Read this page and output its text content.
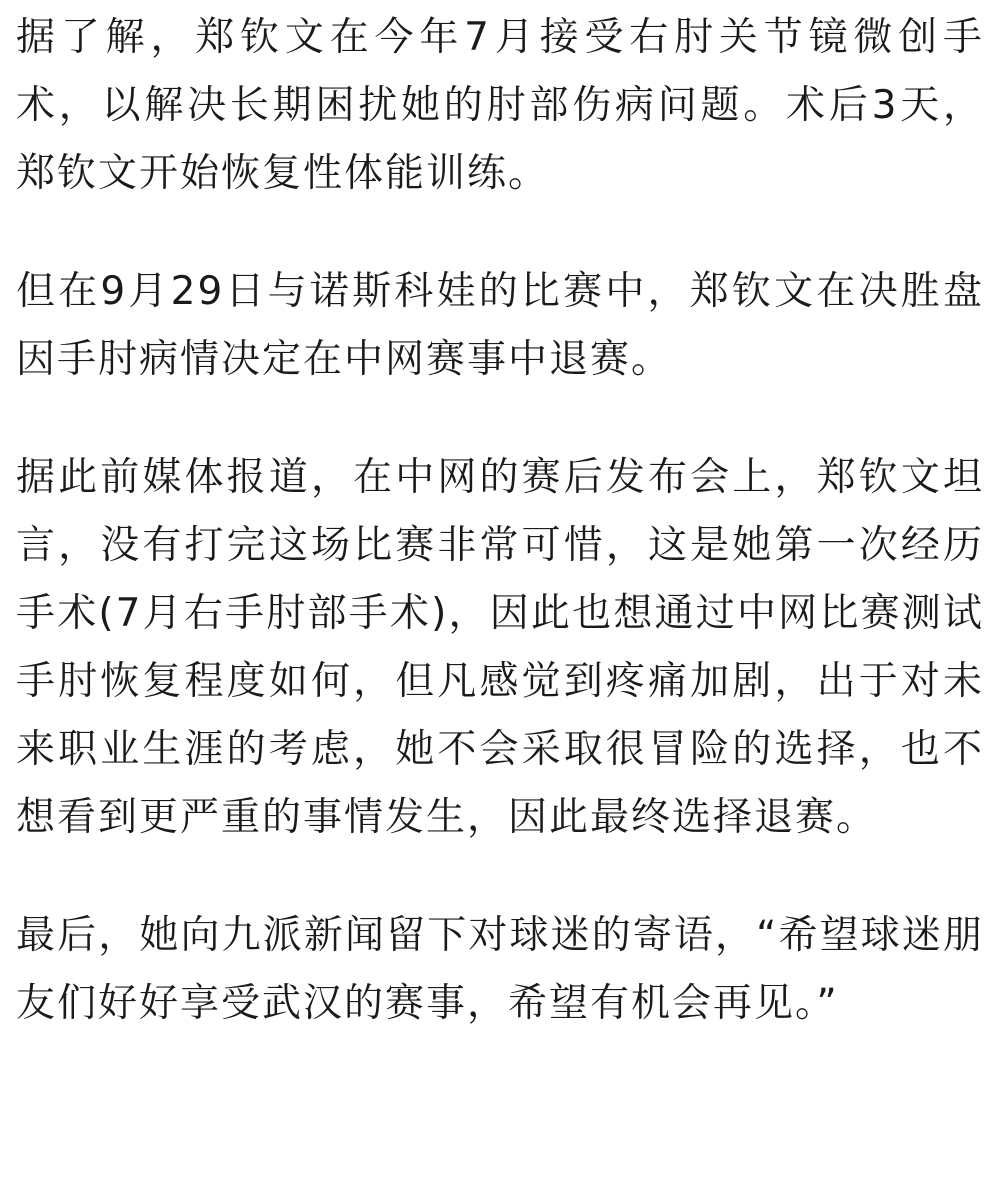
据了解，郑钦文在今年7月接受右肘关节镜微创手术，以解决长期困扰她的肘部伤病问题。术后3天，郑钦文开始恢复性体能训练。

但在9月29日与诺斯科娃的比赛中，郑钦文在决胜盘因手肘病情决定在中网赛事中退赛。

据此前媒体报道，在中网的赛后发布会上，郑钦文坦言，没有打完这场比赛非常可惜，这是她第一次经历手术(7月右手肘部手术)，因此也想通过中网比赛测试手肘恢复程度如何，但凡感觉到疼痛加剧，出于对未来职业生涯的考虑，她不会采取很冒险的选择，也不想看到更严重的事情发生，因此最终选择退赛。

最后，她向九派新闻留下对球迷的寄语，“希望球迷朋友们好好享受武汉的赛事，希望有机会再见。”
